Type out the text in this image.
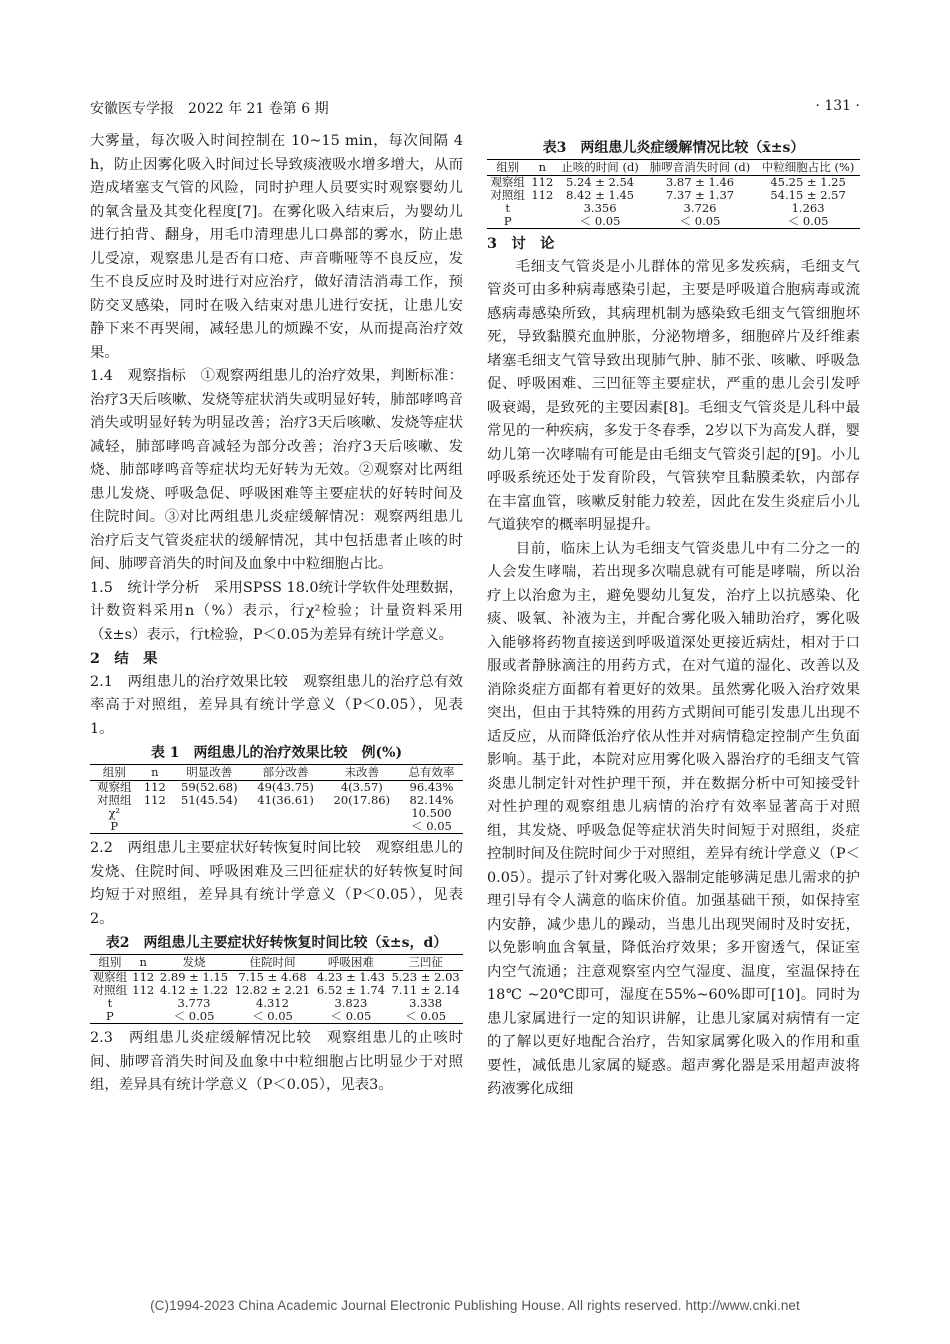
安徽医专学报　2022 年 21 卷第 6 期	· 131 ·

大雾量，每次吸入时间控制在 10~15 min，每次间隔 4 h，防止因雾化吸入时间过长导致痰液吸水增多增大，从而造成堵塞支气管的风险，同时护理人员要实时观察婴幼儿的氧含量及其变化程度[7]。在雾化吸入结束后，为婴幼儿进行拍背、翻身，用毛巾清理患儿口鼻部的雾水，防止患儿受凉，观察患儿是否有口疮、声音嘶哑等不良反应，发生不良反应时及时进行对应治疗，做好清洁消毒工作，预防交叉感染，同时在吸入结束对患儿进行安抚，让患儿安静下来不再哭闹，减轻患儿的烦躁不安，从而提高治疗效果。

1.4　观察指标　①观察两组患儿的治疗效果，判断标准：治疗3天后咳嗽、发烧等症状消失或明显好转，肺部哮鸣音消失或明显好转为明显改善；治疗3天后咳嗽、发烧等症状减轻，肺部哮鸣音减轻为部分改善；治疗3天后咳嗽、发烧、肺部哮鸣音等症状均无好转为无效。②观察对比两组患儿发烧、呼吸急促、呼吸困难等主要症状的好转时间及住院时间。③对比两组患儿炎症缓解情况：观察两组患儿治疗后支气管炎症状的缓解情况，其中包括患者止咳的时间、肺啰音消失的时间及血象中中粒细胞占比。

1.5　统计学分析　采用SPSS 18.0统计学软件处理数据，计数资料采用n（%）表示，行χ²检验；计量资料采用（x̄±s）表示，行t检验，P＜0.05为差异有统计学意义。

2　结　果

2.1　两组患儿的治疗效果比较　观察组患儿的治疗总有效率高于对照组，差异具有统计学意义（P＜0.05），见表1。

表 1　两组患儿的治疗效果比较　例(%)
组别	n	明显改善	部分改善	未改善	总有效率
观察组	112	59(52.68)	49(43.75)	4(3.57)	96.43%
对照组	112	51(45.54)	41(36.61)	20(17.86)	82.14%
χ²					10.500
P					＜ 0.05

2.2　两组患儿主要症状好转恢复时间比较　观察组患儿的发烧、住院时间、呼吸困难及三凹征症状的好转恢复时间均短于对照组，差异具有统计学意义（P＜0.05），见表2。

表2　两组患儿主要症状好转恢复时间比较（x̄±s，d）
组别	n	发烧	住院时间	呼吸困难	三凹征
观察组	112	2.89 ± 1.15	7.15 ± 4.68	4.23 ± 1.43	5.23 ± 2.03
对照组	112	4.12 ± 1.22	12.82 ± 2.21	6.52 ± 1.74	7.11 ± 2.14
t		3.773	4.312	3.823	3.338
P		＜ 0.05	＜ 0.05	＜ 0.05	＜ 0.05

2.3　两组患儿炎症缓解情况比较　观察组患儿的止咳时间、肺啰音消失时间及血象中中粒细胞占比明显少于对照组，差异具有统计学意义（P＜0.05），见表3。

表3　两组患儿炎症缓解情况比较（x̄±s）
组别	n	止咳的时间 (d)	肺啰音消失时间 (d)	中粒细胞占比 (%)
观察组	112	5.24 ± 2.54	3.87 ± 1.46	45.25 ± 1.25
对照组	112	8.42 ± 1.45	7.37 ± 1.37	54.15 ± 2.57
t		3.356	3.726	1.263
P		＜ 0.05	＜ 0.05	＜ 0.05

3　讨　论

毛细支气管炎是小儿群体的常见多发疾病，毛细支气管炎可由多种病毒感染引起，主要是呼吸道合胞病毒或流感病毒感染所致，其病理机制为感染致毛细支气管细胞坏死，导致黏膜充血肿胀，分泌物增多，细胞碎片及纤维素堵塞毛细支气管导致出现肺气肿、肺不张、咳嗽、呼吸急促、呼吸困难、三凹征等主要症状，严重的患儿会引发呼吸衰竭，是致死的主要因素[8]。毛细支气管炎是儿科中最常见的一种疾病，多发于冬春季，2岁以下为高发人群，婴幼儿第一次哮喘有可能是由毛细支气管炎引起的[9]。小儿呼吸系统还处于发育阶段，气管狭窄且黏膜柔软，内部存在丰富血管，咳嗽反射能力较差，因此在发生炎症后小儿气道狭窄的概率明显提升。

目前，临床上认为毛细支气管炎患儿中有二分之一的人会发生哮喘，若出现多次喘息就有可能是哮喘，所以治疗上以治愈为主，避免婴幼儿复发，治疗上以抗感染、化痰、吸氧、补液为主，并配合雾化吸入辅助治疗，雾化吸入能够将药物直接送到呼吸道深处更接近病灶，相对于口服或者静脉滴注的用药方式，在对气道的湿化、改善以及消除炎症方面都有着更好的效果。虽然雾化吸入治疗效果突出，但由于其特殊的用药方式期间可能引发患儿出现不适反应，从而降低治疗依从性并对病情稳定控制产生负面影响。基于此，本院对应用雾化吸入器治疗的毛细支气管炎患儿制定针对性护理干预，并在数据分析中可知接受针对性护理的观察组患儿病情的治疗有效率显著高于对照组，其发烧、呼吸急促等症状消失时间短于对照组，炎症控制时间及住院时间少于对照组，差异有统计学意义（P＜0.05）。提示了针对雾化吸入器制定能够满足患儿需求的护理引导有令人满意的临床价值。加强基础干预，如保持室内安静，减少患儿的躁动，当患儿出现哭闹时及时安抚，以免影响血含氧量，降低治疗效果；多开窗透气，保证室内空气流通；注意观察室内空气湿度、温度，室温保持在18℃ ~20℃即可，湿度在55%~60%即可[10]。同时为患儿家属进行一定的知识讲解，让患儿家属对病情有一定的了解以更好地配合治疗，告知家属雾化吸入的作用和重要性，减低患儿家属的疑惑。超声雾化器是采用超声波将药液雾化成细

(C)1994-2023 China Academic Journal Electronic Publishing House. All rights reserved. http://www.cnki.net
